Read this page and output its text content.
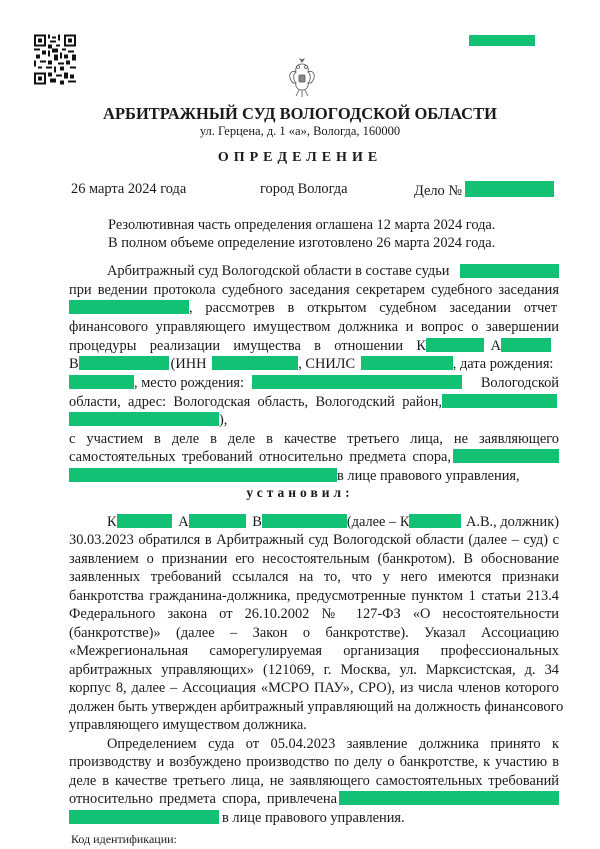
АРБИТРАЖНЫЙ СУД ВОЛОГОДСКОЙ ОБЛАСТИ
ул. Герцена, д. 1 «а», Вологда, 160000
ОПРЕДЕЛЕНИЕ
26 марта 2024 года	город Вологда	Дело №
Резолютивная часть определения оглашена 12 марта 2024 года.
В полном объеме определение изготовлено 26 марта 2024 года.
Арбитражный суд Вологодской области в составе судьи
при ведении протокола судебного заседания секретарем судебного заседания
, рассмотрев в открытом судебном заседании отчет
финансового управляющего имуществом должника и вопрос о завершении
процедуры реализации имущества в отношении К	А
В	(ИНН	, СНИЛС	, дата рождения:
, место рождения:	Вологодской
области, адрес: Вологодская область, Вологодский район,
),
с участием в деле в деле в качестве третьего лица, не заявляющего
самостоятельных требований относительно предмета спора,
в лице правового управления,
установил:
К	А	В	(далее – К	А.В., должник)
30.03.2023 обратился в Арбитражный суд Вологодской области (далее – суд) с
заявлением о признании его несостоятельным (банкротом). В обоснование
заявленных требований ссылался на то, что у него имеются признаки
банкротства гражданина-должника, предусмотренные пунктом 1 статьи 213.4
Федерального закона от 26.10.2002 № 127-ФЗ «О несостоятельности
(банкротстве)» (далее – Закон о банкротстве). Указал Ассоциацию
«Межрегиональная саморегулируемая организация профессиональных
арбитражных управляющих» (121069, г. Москва, ул. Марксистская, д. 34
корпус 8, далее – Ассоциация «МСРО ПАУ», СРО), из числа членов которого
должен быть утвержден арбитражный управляющий на должность финансового
управляющего имуществом должника.
Определением суда от 05.04.2023 заявление должника принято к
производству и возбуждено производство по делу о банкротстве, к участию в
деле в качестве третьего лица, не заявляющего самостоятельных требований
относительно предмета спора, привлечена
в лице правового управления.
Код идентификации:
